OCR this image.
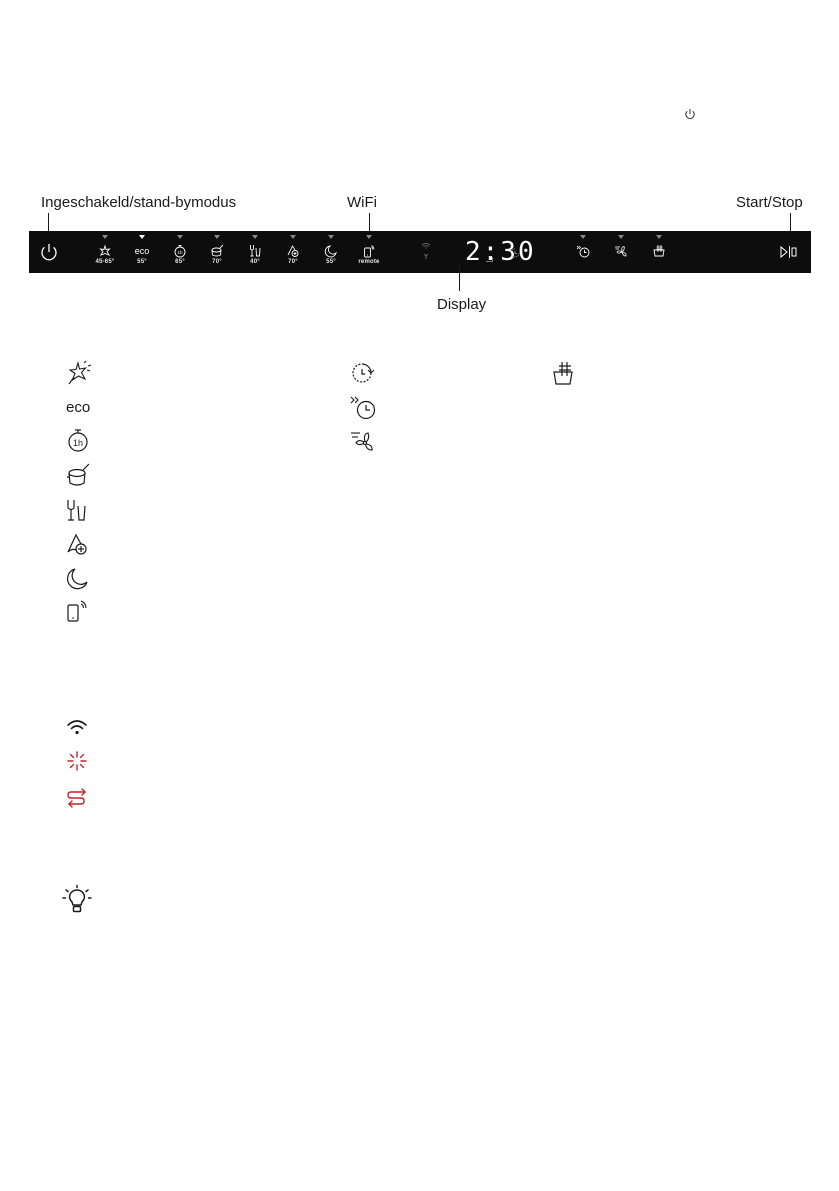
Ingeschakeld/stand-bymodus	WiFi	Start/Stop
45-65°
eco
55°
1h
65°	70°	40°	70°	55°	remote	2:30
Display
eco
1h
